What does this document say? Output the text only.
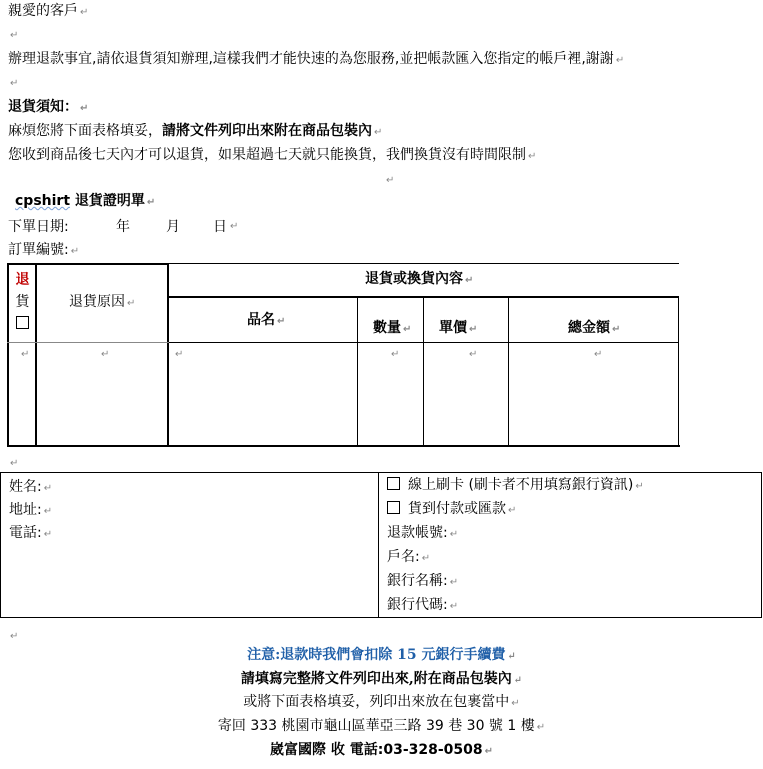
親愛的客戶 ↵
↵
辦理退款事宜,請依退貨須知辦理,這樣我們才能快速的為您服務,並把帳款匯入您指定的帳戶裡,謝謝 ↵
↵
退貨須知： ↵
麻煩您將下面表格填妥，請將文件列印出來附在商品包裝內 ↵
您收到商品後七天內才可以退貨，如果超過七天就只能換貨，我們換貨沒有時間限制 ↵
↵
cpshirt 退貨證明單 ↵
下單日期:	年	月 日 ↵
訂單編號: ↵
退
貨	退貨原因 ↵
退貨或換貨內容 ↵
品名 ↵	數量 ↵ 單價 ↵	總金額 ↵
↵	↵	↵	↵	↵	↵
↵
姓名: ↵
地址: ↵
電話: ↵
線上刷卡 (刷卡者不用填寫銀行資訊) ↵
貨到付款或匯款 ↵
退款帳號: ↵
戶名: ↵
銀行名稱: ↵
銀行代碼: ↵
↵
注意:退款時我們會扣除 15 元銀行手續費 ↵
請填寫完整將文件列印出來,附在商品包裝內 ↵
或將下面表格填妥，列印出來放在包裹當中 ↵
寄回 333 桃園市龜山區華亞三路 39 巷 30 號 1 樓 ↵
崴富國際 收 電話:03-328-0508 ↵
